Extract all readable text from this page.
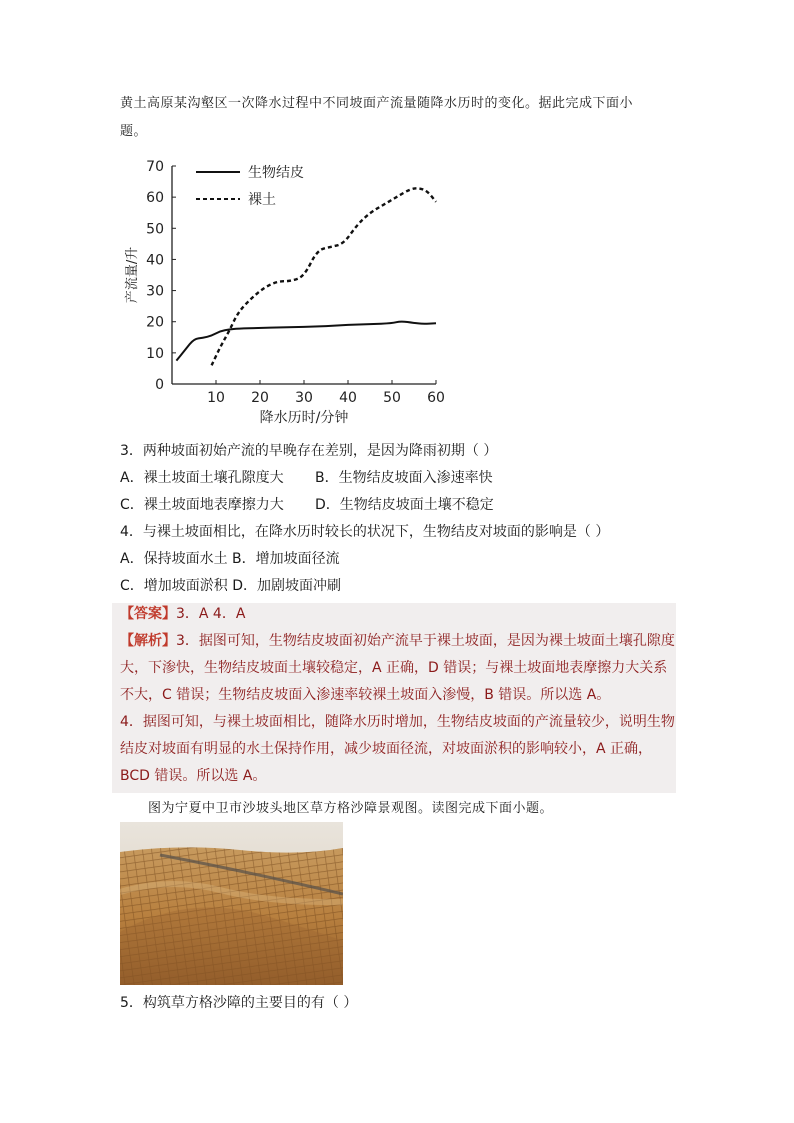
黄土高原某沟壑区一次降水过程中不同坡面产流量随降水历时的变化。据此完成下面小
题。
0
10
20
30
40
50
60
70
10 20 30 40 50 60
生物结皮
裸土
降水历时/分钟
产流量/升
3．两种坡面初始产流的早晚存在差别，是因为降雨初期（ ）
A．裸土坡面土壤孔隙度大 B．生物结皮坡面入渗速率快
C．裸土坡面地表摩擦力大 D．生物结皮坡面土壤不稳定
4．与裸土坡面相比，在降水历时较长的状况下，生物结皮对坡面的影响是（ ）
A．保持坡面水土 B．增加坡面径流
C．增加坡面淤积 D．加剧坡面冲刷
【答案】3．A 4．A
【解析】3．据图可知，生物结皮坡面初始产流早于裸土坡面，是因为裸土坡面土壤孔隙度
大，下渗快，生物结皮坡面土壤较稳定，A 正确，D 错误；与裸土坡面地表摩擦力大关系
不大，C 错误；生物结皮坡面入渗速率较裸土坡面入渗慢，B 错误。所以选 A。
4．据图可知，与裸土坡面相比，随降水历时增加，生物结皮坡面的产流量较少，说明生物
结皮对坡面有明显的水土保持作用，减少坡面径流，对坡面淤积的影响较小，A 正确，
BCD 错误。所以选 A。
图为宁夏中卫市沙坡头地区草方格沙障景观图。读图完成下面小题。
5．构筑草方格沙障的主要目的有（ ）
